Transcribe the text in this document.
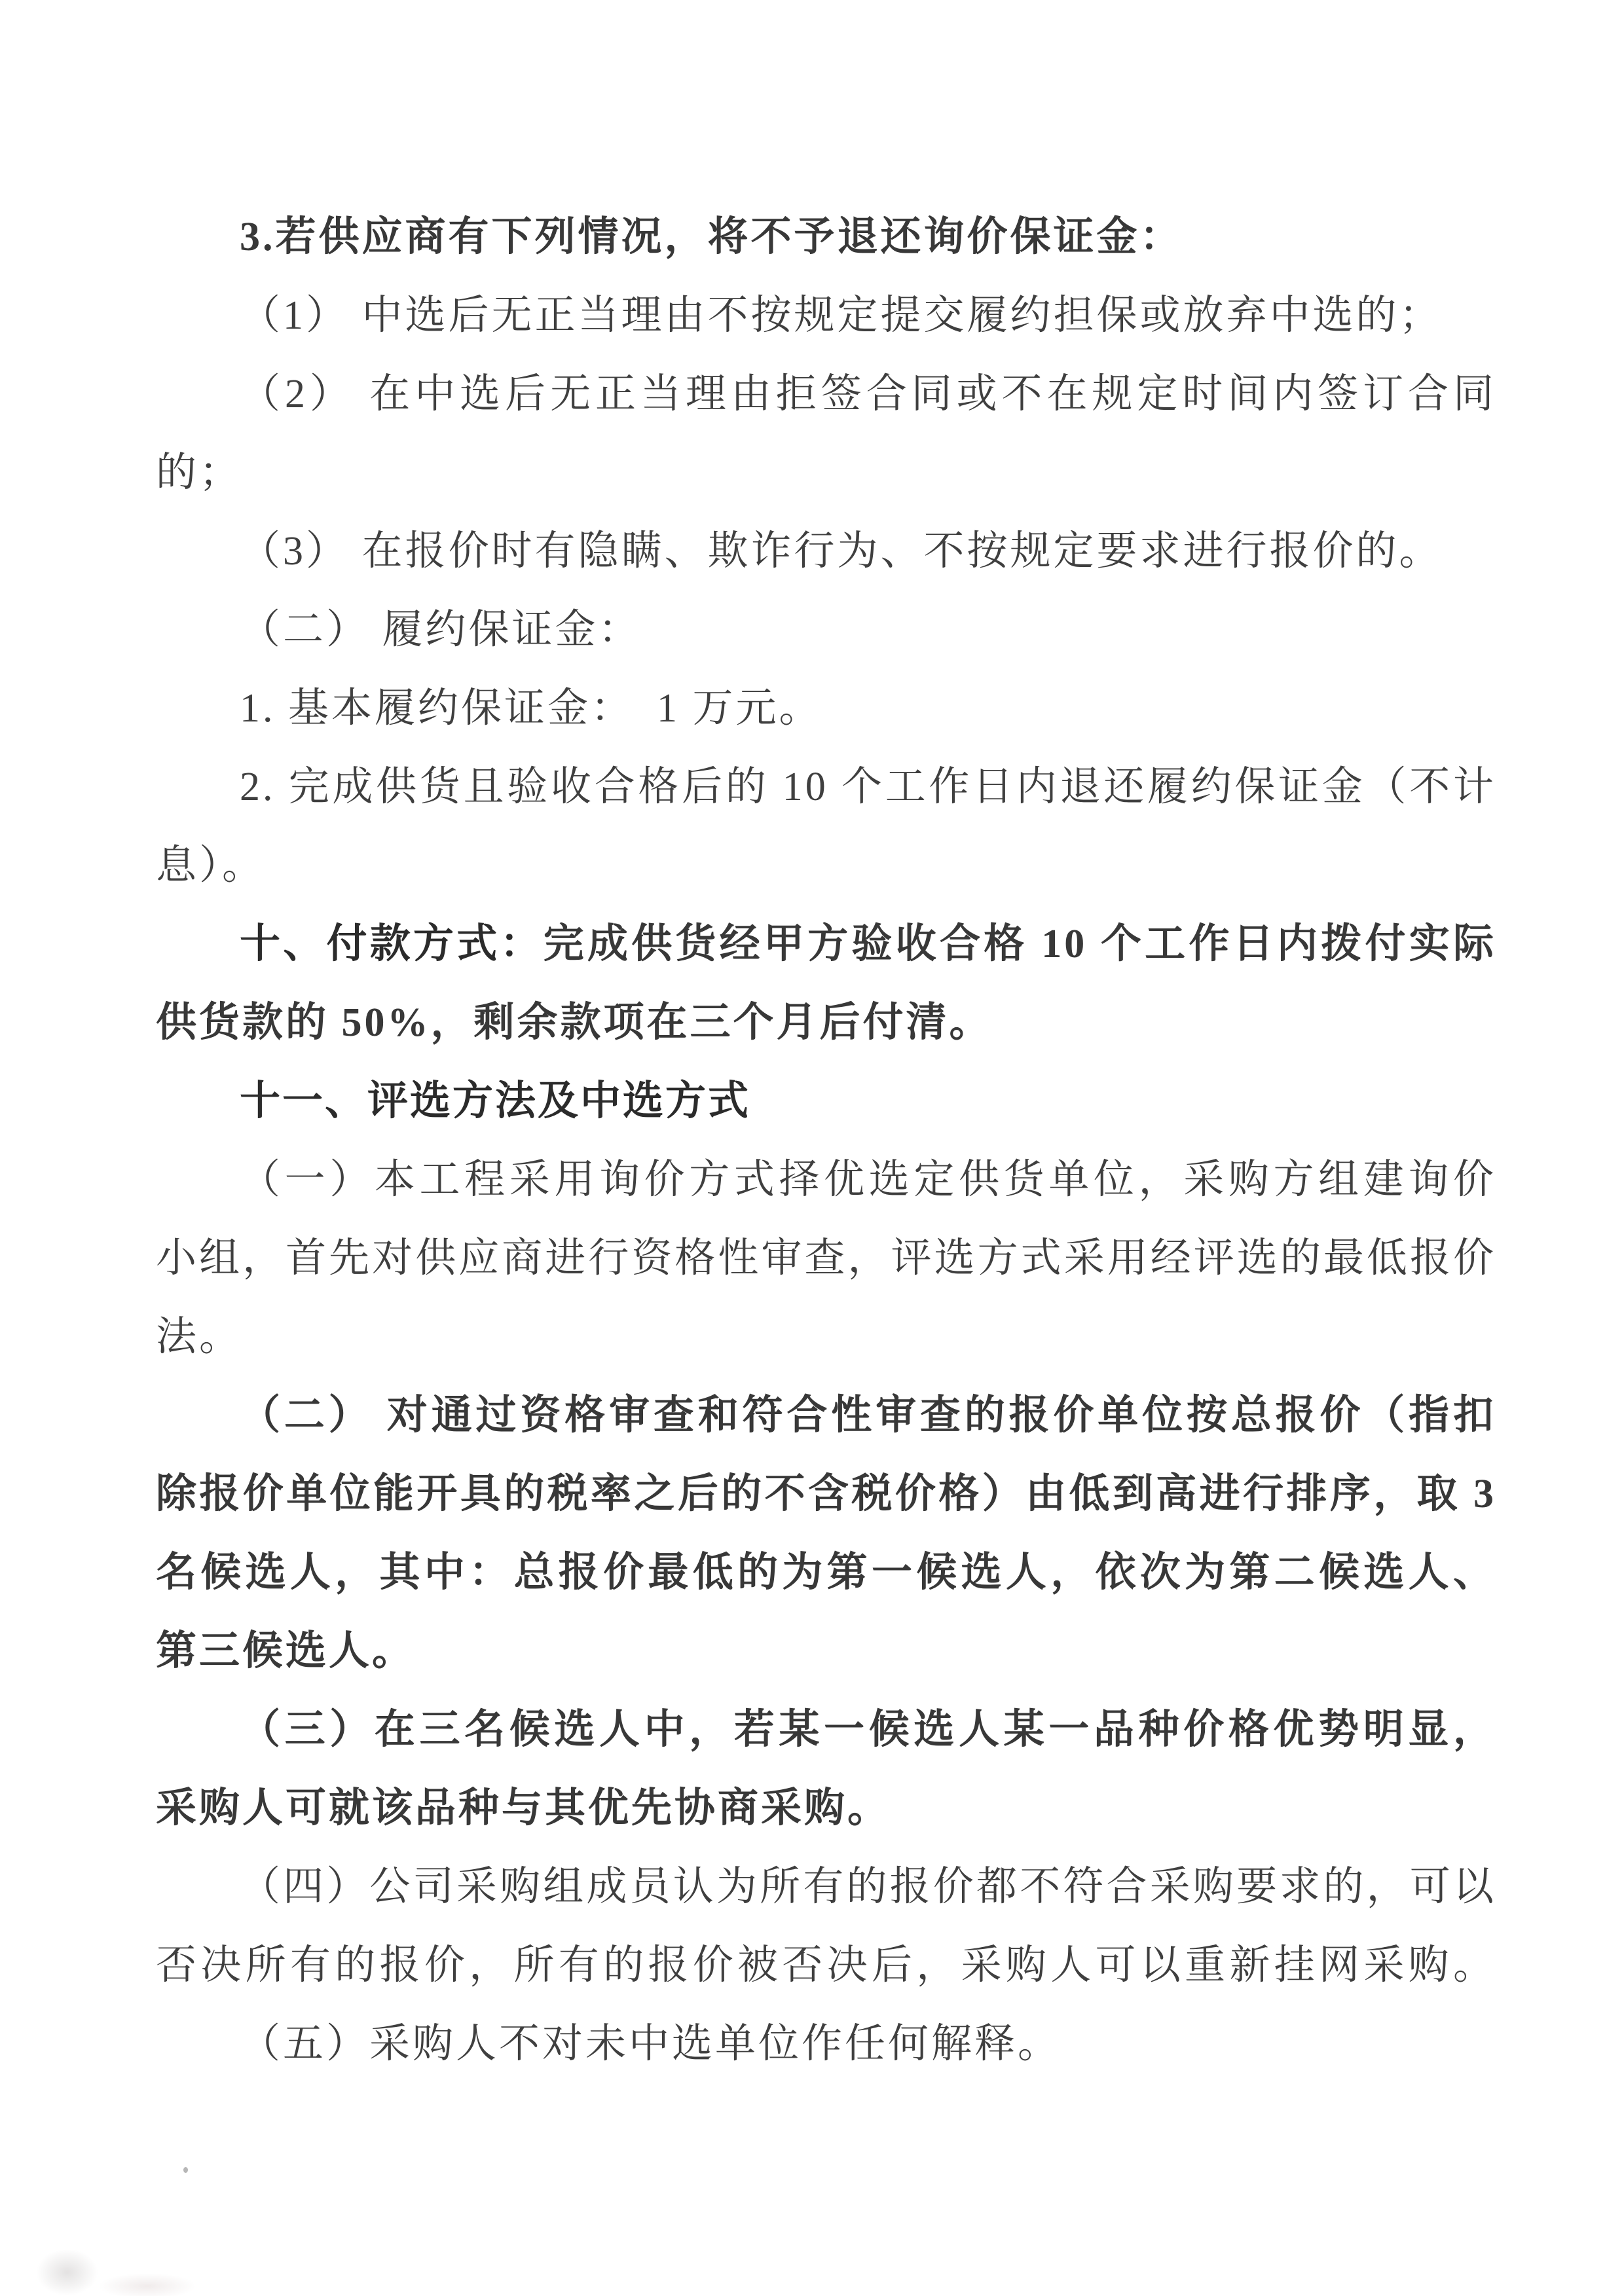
3.若供应商有下列情况，将不予退还询价保证金：
（1） 中选后无正当理由不按规定提交履约担保或放弃中选的；
（2） 在中选后无正当理由拒签合同或不在规定时间内签订合同
的；
（3） 在报价时有隐瞒、欺诈行为、不按规定要求进行报价的。
（二） 履约保证金：
1. 基本履约保证金：　1 万元。
2. 完成供货且验收合格后的 10 个工作日内退还履约保证金（不计
息）。
十、付款方式：完成供货经甲方验收合格 10 个工作日内拨付实际
供货款的 50%，剩余款项在三个月后付清。
十一、评选方法及中选方式
（一）本工程采用询价方式择优选定供货单位，采购方组建询价
小组，首先对供应商进行资格性审查，评选方式采用经评选的最低报价
法。
（二） 对通过资格审查和符合性审查的报价单位按总报价（指扣
除报价单位能开具的税率之后的不含税价格）由低到高进行排序，取 3
名候选人，其中：总报价最低的为第一候选人，依次为第二候选人、
第三候选人。
（三）在三名候选人中，若某一候选人某一品种价格优势明显，
采购人可就该品种与其优先协商采购。
（四）公司采购组成员认为所有的报价都不符合采购要求的，可以
否决所有的报价，所有的报价被否决后，采购人可以重新挂网采购。
（五）采购人不对未中选单位作任何解释。
